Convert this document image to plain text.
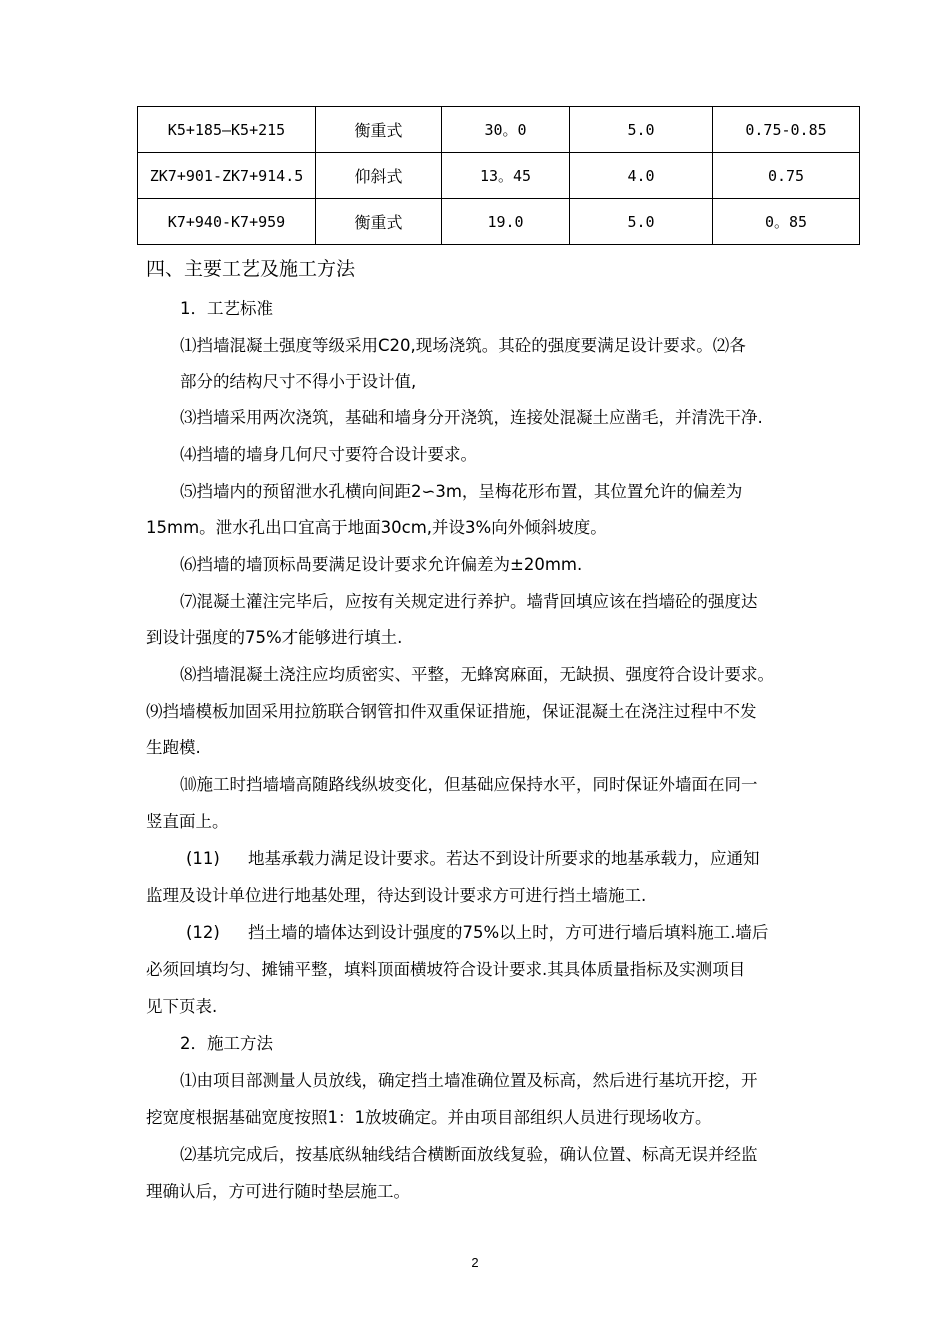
K5+185—K5+215	衡重式	30。0	5.0	0.75-0.85
ZK7+901-ZK7+914.5	仰斜式	13。45	4.0	0.75
K7+940-K7+959	衡重式	19.0	5.0	0。85
四、主要工艺及施工方法
1．工艺标准
⑴挡墙混凝土强度等级采用C20,现场浇筑。其砼的强度要满足设计要求。⑵各
部分的结构尺寸不得小于设计值,
⑶挡墙采用两次浇筑，基础和墙身分开浇筑，连接处混凝土应凿毛，并清洗干净.
⑷挡墙的墙身几何尺寸要符合设计要求。
⑸挡墙内的预留泄水孔横向间距2∽3m，呈梅花形布置，其位置允许的偏差为
15mm。泄水孔出口宜高于地面30cm,并设3%向外倾斜坡度。
⑹挡墙的墙顶标咼要满足设计要求允许偏差为±20mm.
⑺混凝土灌注完毕后，应按有关规定进行养护。墙背回填应该在挡墙砼的强度达
到设计强度的75%才能够进行填土.
⑻挡墙混凝土浇注应均质密实、平整，无蜂窝麻面，无缺损、强度符合设计要求。
⑼挡墙模板加固采用拉筋联合钢管扣件双重保证措施，保证混凝土在浇注过程中不发
生跑模.
⑽施工时挡墙墙高随路线纵坡变化，但基础应保持水平，同时保证外墙面在同一
竖直面上。
(11) 地基承载力满足设计要求。若达不到设计所要求的地基承载力，应通知
监理及设计单位进行地基处理，待达到设计要求方可进行挡土墙施工.
(12) 挡土墙的墙体达到设计强度的75%以上时，方可进行墙后填料施工.墙后
必须回填均匀、摊铺平整，填料顶面横坡符合设计要求.其具体质量指标及实测项目
见下页表.
2．施工方法
⑴由项目部测量人员放线，确定挡土墙准确位置及标高，然后进行基坑开挖，开
挖宽度根据基础宽度按照1：1放坡确定。并由项目部组织人员进行现场收方。
⑵基坑完成后，按基底纵轴线结合横断面放线复验，确认位置、标高无误并经监
理确认后，方可进行随时垫层施工。
2
